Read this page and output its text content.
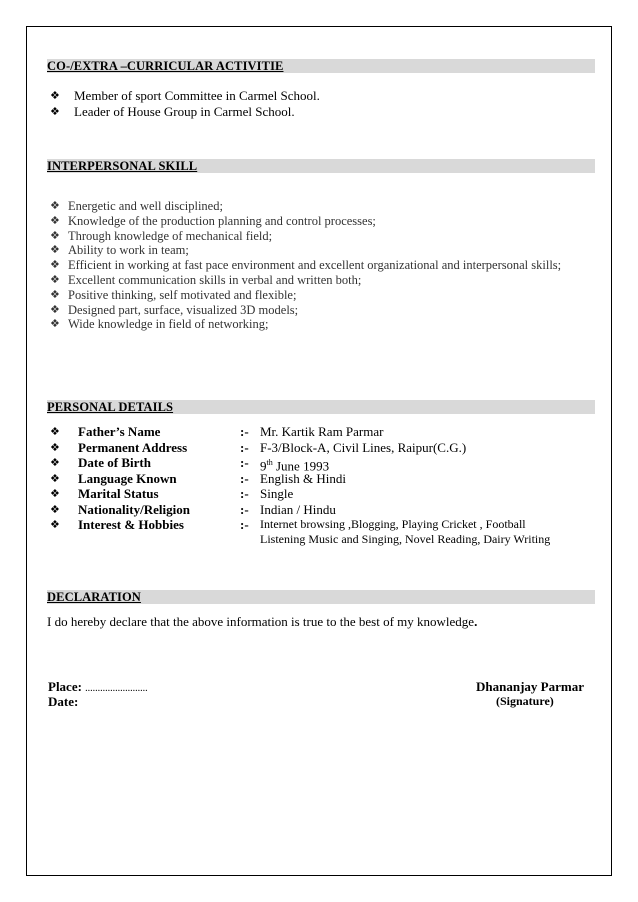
CO-/EXTRA –CURRICULAR ACTIVITIE
❖ Member of sport Committee in Carmel School.
❖ Leader of House Group in Carmel School.
INTERPERSONAL SKILL
❖ Energetic and well disciplined;
❖ Knowledge of the production planning and control processes;
❖ Through knowledge of mechanical field;
❖ Ability to work in team;
❖ Efficient in working at fast pace environment and excellent organizational and interpersonal skills;
❖ Excellent communication skills in verbal and written both;
❖ Positive thinking, self motivated and flexible;
❖ Designed part, surface, visualized 3D models;
❖ Wide knowledge in field of networking;
PERSONAL DETAILS
❖ Father’s Name	:- Mr. Kartik Ram Parmar
❖ Permanent Address	:- F-3/Block-A, Civil Lines, Raipur(C.G.)
❖ Date of Birth	:- 9th June 1993
❖ Language Known	:- English & Hindi
❖ Marital Status	:- Single
❖ Nationality/Religion	:- Indian / Hindu
❖ Interest & Hobbies	:- Internet browsing ,Blogging, Playing Cricket , Football
Listening Music and Singing, Novel Reading, Dairy Writing
DECLARATION
I do hereby declare that the above information is true to the best of my knowledge.
Place: .........................
Date:
Dhananjay Parmar
(Signature)
